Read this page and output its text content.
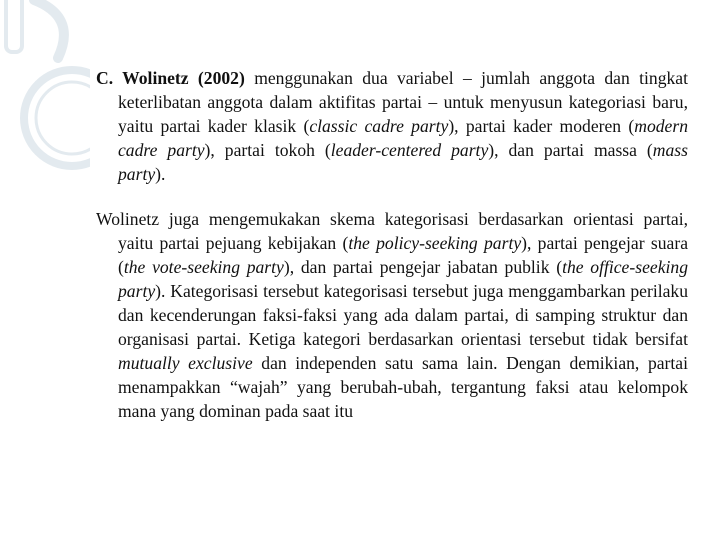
C. Wolinetz (2002) menggunakan dua variabel – jumlah anggota dan tingkat keterlibatan anggota dalam aktifitas partai – untuk menyusun kategoriasi baru, yaitu partai kader klasik (classic cadre party), partai kader moderen (modern cadre party), partai tokoh (leader-centered party), dan partai massa (mass party).

Wolinetz juga mengemukakan skema kategorisasi berdasarkan orientasi partai, yaitu partai pejuang kebijakan (the policy-seeking party), partai pengejar suara (the vote-seeking party), dan partai pengejar jabatan publik (the office-seeking party). Kategorisasi tersebut kategorisasi tersebut juga menggambarkan perilaku dan kecenderungan faksi-faksi yang ada dalam partai, di samping struktur dan organisasi partai. Ketiga kategori berdasarkan orientasi tersebut tidak bersifat mutually exclusive dan independen satu sama lain. Dengan demikian, partai menampakkan “wajah” yang berubah-ubah, tergantung faksi atau kelompok mana yang dominan pada saat itu
